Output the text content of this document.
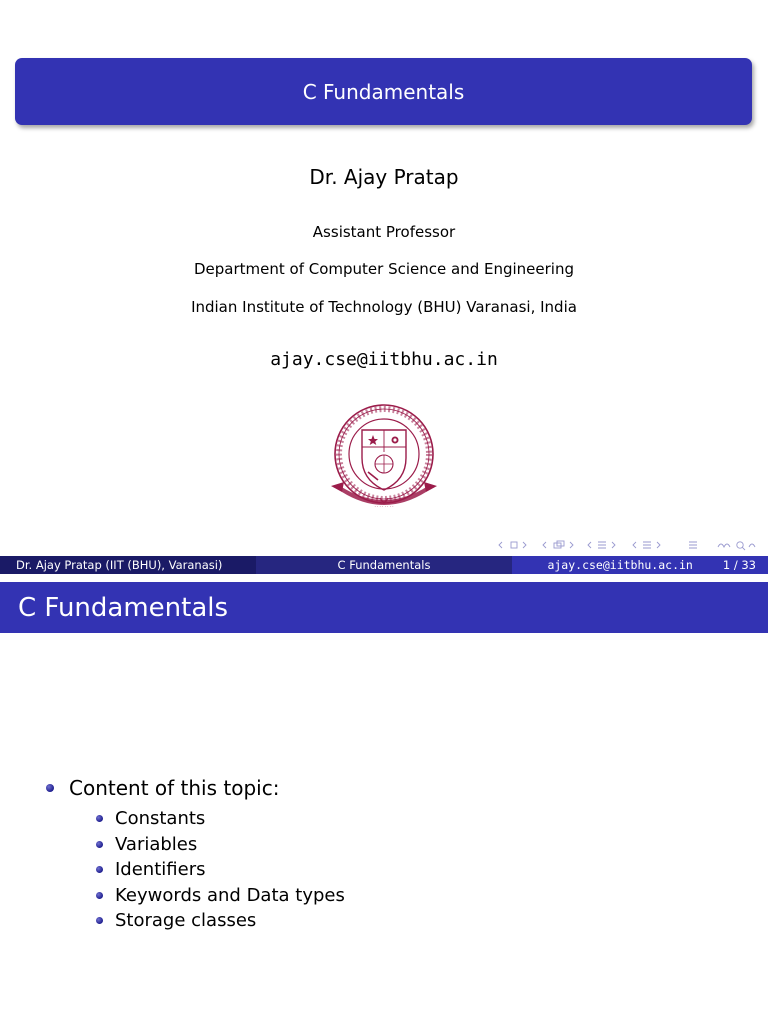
C Fundamentals
Dr. Ajay Pratap
Assistant Professor
Department of Computer Science and Engineering
Indian Institute of Technology (BHU) Varanasi, India
ajay.cse@iitbhu.ac.in
· · · · · · · ·
Dr. Ajay Pratap (IIT (BHU), Varanasi)	C Fundamentals	ajay.cse@iitbhu.ac.in	1 / 33
C Fundamentals
Content of this topic:
Constants
Variables
Identifiers
Keywords and Data types
Storage classes
